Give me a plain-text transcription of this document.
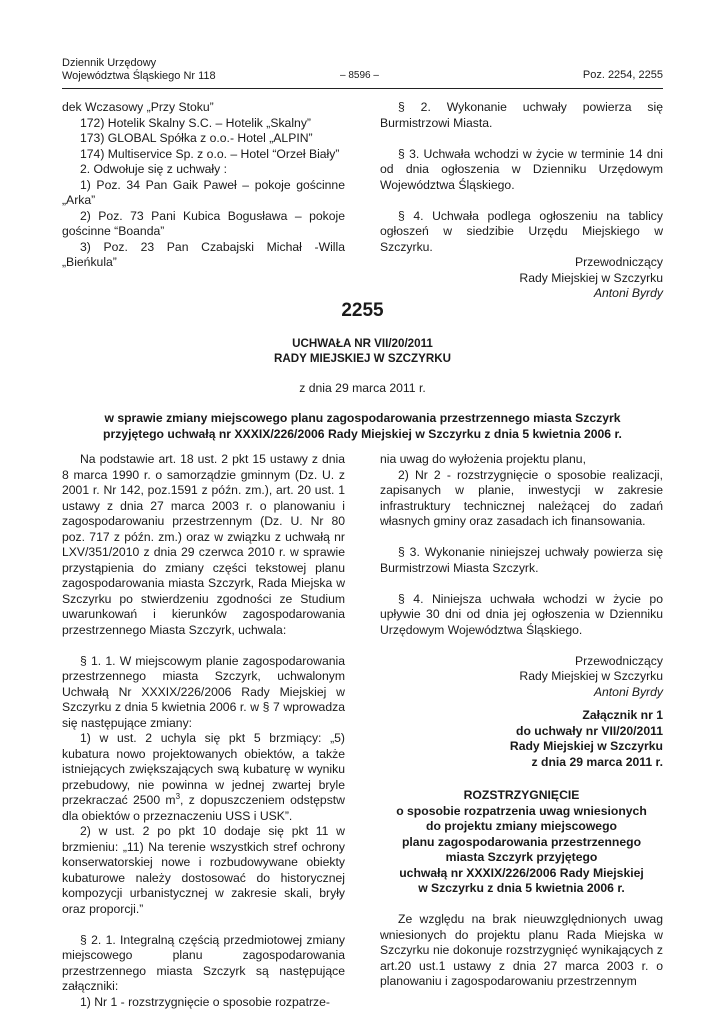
Dziennik Urzędowy
Województwa Śląskiego Nr 118	– 8596 –	Poz. 2254, 2255

dek Wczasowy „Przy Stoku”

172) Hotelik Skalny S.C. – Hotelik „Skalny”

173) GLOBAL Spółka z o.o.- Hotel „ALPIN”

174) Multiservice Sp. z o.o. – Hotel “Orzeł Biały”

2. Odwołuje się z uchwały :

1) Poz. 34 Pan Gaik Paweł – pokoje gościnne „Arka”

2) Poz. 73 Pani Kubica Bogusława – pokoje gościnne “Boanda”

3) Poz. 23 Pan Czabajski Michał -Willa „Bieńkula”

§ 2. Wykonanie uchwały powierza się Burmistrzowi Miasta.

§ 3. Uchwała wchodzi w życie w terminie 14 dni od dnia ogłoszenia w Dzienniku Urzędowym Województwa Śląskiego.

§ 4. Uchwała podlega ogłoszeniu na tablicy ogłoszeń w siedzibie Urzędu Miejskiego w Szczyrku.

Przewodniczący

Rady Miejskiej w Szczyrku

Antoni Byrdy

2255
UCHWAŁA NR VII/20/2011
RADY MIEJSKIEJ W SZCZYRKU
z dnia 29 marca 2011 r.
w sprawie zmiany miejscowego planu zagospodarowania przestrzennego miasta Szczyrk
przyjętego uchwałą nr XXXIX/226/2006 Rady Miejskiej w Szczyrku z dnia 5 kwietnia 2006 r.

Na podstawie art. 18 ust. 2 pkt 15 ustawy z dnia 8 marca 1990 r. o samorządzie gminnym (Dz. U. z 2001 r. Nr 142, poz.1591 z późn. zm.), art. 20 ust. 1 ustawy z dnia 27 marca 2003 r. o planowaniu i zagospodarowaniu przestrzennym (Dz. U. Nr 80 poz. 717 z późn. zm.) oraz w związku z uchwałą nr LXV/351/2010 z dnia 29 czerwca 2010 r. w sprawie przystąpienia do zmiany części tekstowej planu zagospodarowania miasta Szczyrk, Rada Miejska w Szczyrku po stwierdzeniu zgodności ze Studium uwarunkowań i kierunków zagospodarowania przestrzennego Miasta Szczyrk, uchwala:

§ 1. 1. W miejscowym planie zagospodarowania przestrzennego miasta Szczyrk, uchwalonym Uchwałą Nr XXXIX/226/2006 Rady Miejskiej w Szczyrku z dnia 5 kwietnia 2006 r. w § 7 wprowadza się następujące zmiany:

1) w ust. 2 uchyla się pkt 5 brzmiący: „5) kubatura nowo projektowanych obiektów, a także istniejących zwiększających swą kubaturę w wyniku przebudowy, nie powinna w jednej zwartej bryle przekraczać 2500 $m^3$, z dopuszczeniem odstępstw dla obiektów o przeznaczeniu USS i USK”.

2) w ust. 2 po pkt 10 dodaje się pkt 11 w brzmieniu: „11) Na terenie wszystkich stref ochrony konserwatorskiej nowe i rozbudowywane obiekty kubaturowe należy dostosować do historycznej kompozycji urbanistycznej w zakresie skali, bryły oraz proporcji.”

§ 2. 1. Integralną częścią przedmiotowej zmiany miejscowego planu zagospodarowania przestrzennego miasta Szczyrk są następujące załączniki:

1) Nr 1 - rozstrzygnięcie o sposobie rozpatrze-

nia uwag do wyłożenia projektu planu,

2) Nr 2 - rozstrzygnięcie o sposobie realizacji, zapisanych w planie, inwestycji w zakresie infrastruktury technicznej należącej do zadań własnych gminy oraz zasadach ich finansowania.

§ 3. Wykonanie niniejszej uchwały powierza się Burmistrzowi Miasta Szczyrk.

§ 4. Niniejsza uchwała wchodzi w życie po upływie 30 dni od dnia jej ogłoszenia w Dzienniku Urzędowym Województwa Śląskiego.

Przewodniczący

Rady Miejskiej w Szczyrku

Antoni Byrdy

Załącznik nr 1

do uchwały nr VII/20/2011

Rady Miejskiej w Szczyrku

z dnia 29 marca 2011 r.

ROZSTRZYGNIĘCIE

o sposobie rozpatrzenia uwag wniesionych

do projektu zmiany miejscowego

planu zagospodarowania przestrzennego

miasta Szczyrk przyjętego

uchwałą nr XXXIX/226/2006 Rady Miejskiej

w Szczyrku z dnia 5 kwietnia 2006 r.

Ze względu na brak nieuwzględnionych uwag wniesionych do projektu planu Rada Miejska w Szczyrku nie dokonuje rozstrzygnięć wynikających z art.20 ust.1 ustawy z dnia 27 marca 2003 r. o planowaniu i zagospodarowaniu przestrzennym
